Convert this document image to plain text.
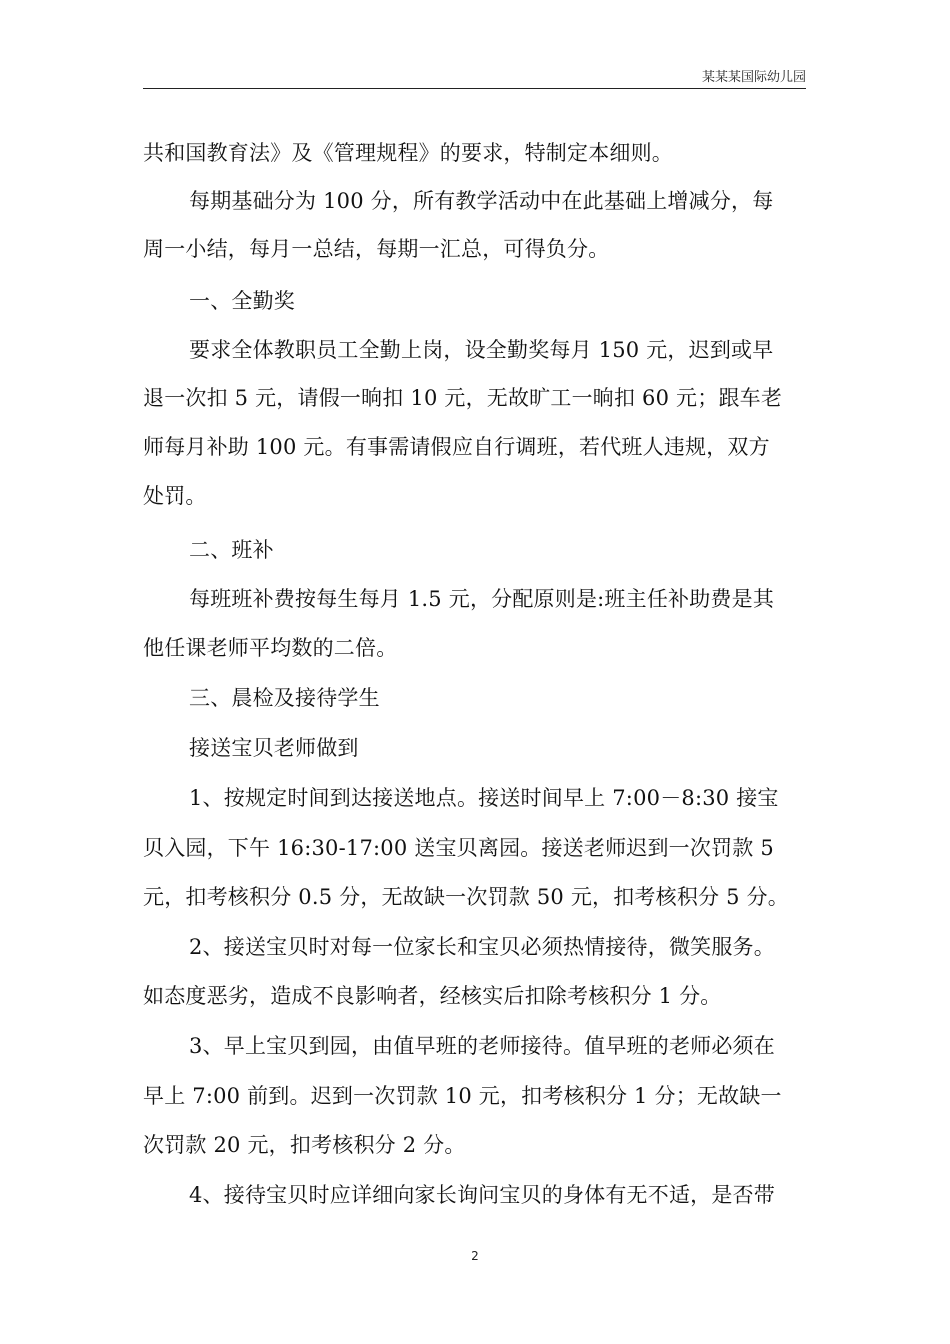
某某某国际幼儿园
共和国教育法》及《管理规程》的要求，特制定本细则。
每期基础分为 100 分，所有教学活动中在此基础上增减分，每
周一小结，每月一总结，每期一汇总，可得负分。
一、全勤奖
要求全体教职员工全勤上岗，设全勤奖每月 150 元，迟到或早
退一次扣 5 元，请假一晌扣 10 元，无故旷工一晌扣 60 元；跟车老
师每月补助 100 元。有事需请假应自行调班，若代班人违规，双方
处罚。
二、班补
每班班补费按每生每月 1.5 元，分配原则是:班主任补助费是其
他任课老师平均数的二倍。
三、晨检及接待学生
接送宝贝老师做到
1、按规定时间到达接送地点。接送时间早上 7:00－8:30 接宝
贝入园，下午 16:30-17:00 送宝贝离园。接送老师迟到一次罚款 5
元，扣考核积分 0.5 分，无故缺一次罚款 50 元，扣考核积分 5 分。
2、接送宝贝时对每一位家长和宝贝必须热情接待，微笑服务。
如态度恶劣，造成不良影响者，经核实后扣除考核积分 1 分。
3、早上宝贝到园，由值早班的老师接待。值早班的老师必须在
早上 7:00 前到。迟到一次罚款 10 元，扣考核积分 1 分；无故缺一
次罚款 20 元，扣考核积分 2 分。
4、接待宝贝时应详细向家长询问宝贝的身体有无不适，是否带
2
